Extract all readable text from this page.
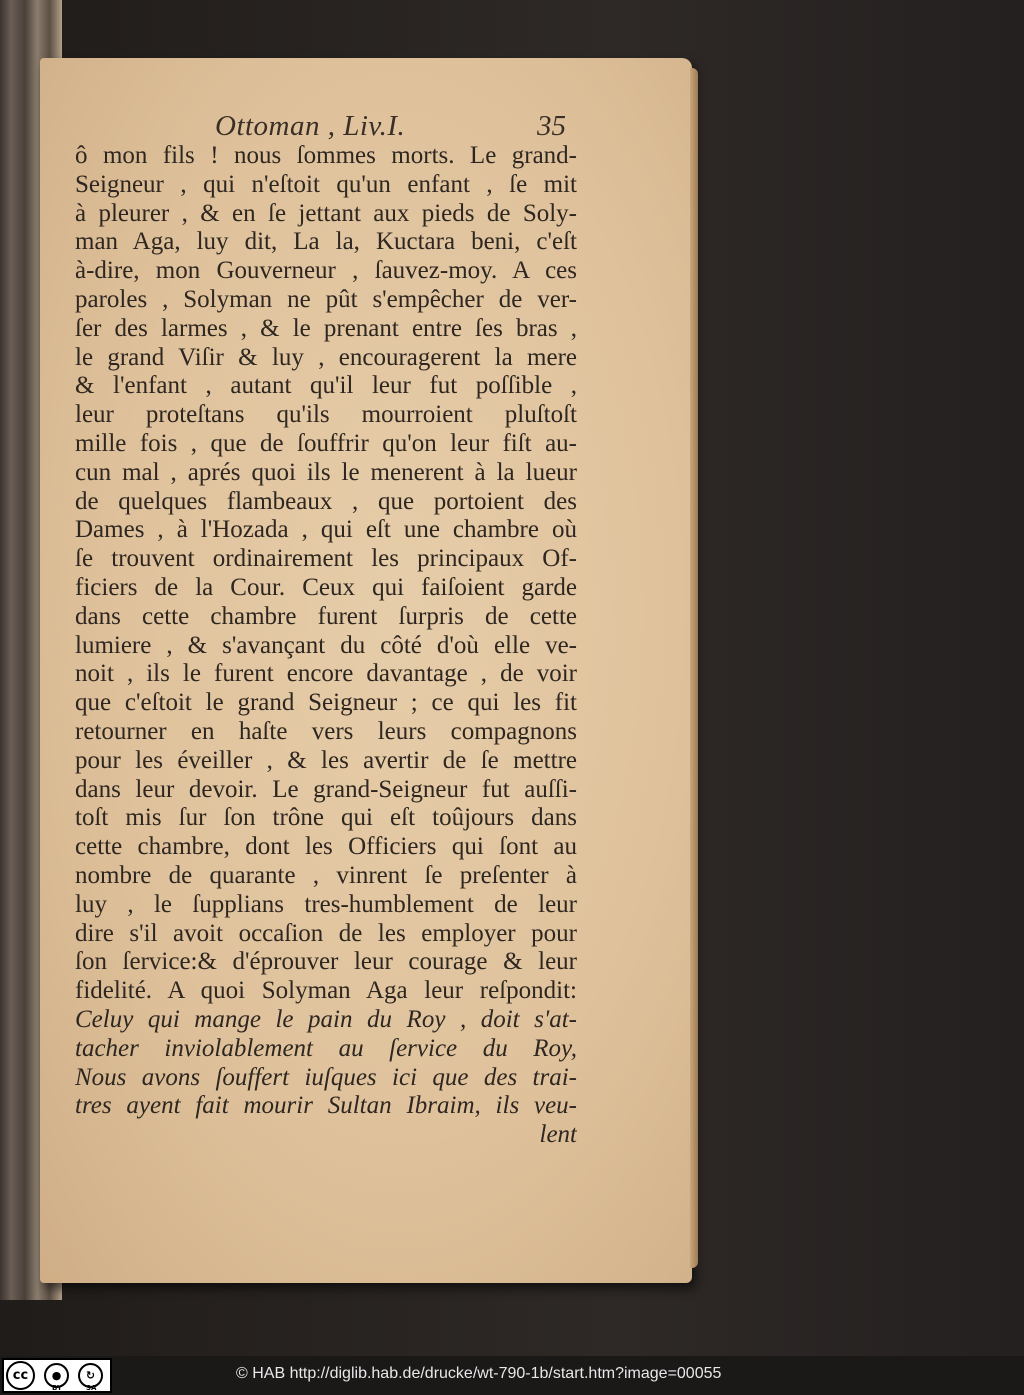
Ottoman , Liv.I.	35
ô mon fils ! nous ſommes morts. Le grand-
Seigneur , qui n'eſtoit qu'un enfant , ſe mit
à pleurer , & en ſe jettant aux pieds de Soly-
man Aga, luy dit, La la, Kuctara beni, c'eſt
à-dire, mon Gouverneur , ſauvez-moy. A ces
paroles , Solyman ne pût s'empêcher de ver-
ſer des larmes , & le prenant entre ſes bras ,
le grand Viſir & luy , encouragerent la mere
& l'enfant , autant qu'il leur fut poſſible ,
leur proteſtans qu'ils mourroient pluſtoſt
mille fois , que de ſouffrir qu'on leur fiſt au-
cun mal , aprés quoi ils le menerent à la lueur
de quelques flambeaux , que portoient des
Dames , à l'Hozada , qui eſt une chambre où
ſe trouvent ordinairement les principaux Of-
ficiers de la Cour. Ceux qui faiſoient garde
dans cette chambre furent ſurpris de cette
lumiere , & s'avançant du côté d'où elle ve-
noit , ils le furent encore davantage , de voir
que c'eſtoit le grand Seigneur ; ce qui les fit
retourner en haſte vers leurs compagnons
pour les éveiller , & les avertir de ſe mettre
dans leur devoir. Le grand-Seigneur fut auſſi-
toſt mis ſur ſon trône qui eſt toûjours dans
cette chambre, dont les Officiers qui ſont au
nombre de quarante , vinrent ſe preſenter à
luy , le ſupplians tres-humblement de leur
dire s'il avoit occaſion de les employer pour
ſon ſervice:& d'éprouver leur courage & leur
fidelité. A quoi Solyman Aga leur reſpondit:
Celuy qui mange le pain du Roy , doit s'at-
tacher inviolablement au ſervice du Roy,
Nous avons ſouffert iuſques ici que des trai-
tres ayent fait mourir Sultan Ibraim, ils veu-
lent
cc	●	↻
BY	SA
© HAB http://diglib.hab.de/drucke/wt-790-1b/start.htm?image=00055
